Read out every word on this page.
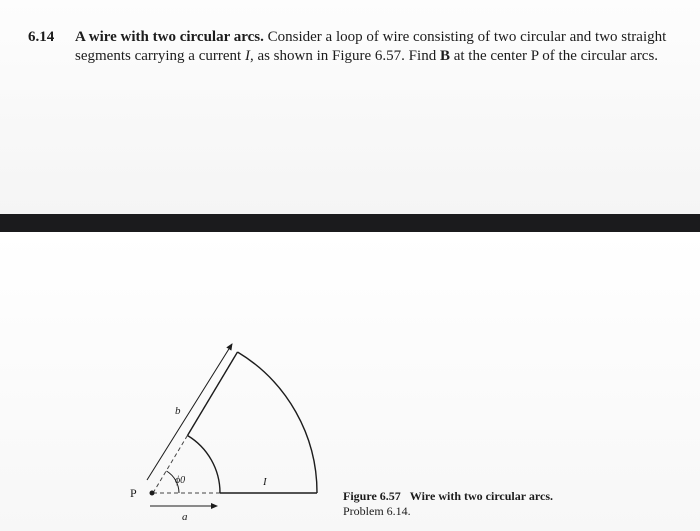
6.14 A wire with two circular arcs. Consider a loop of wire consisting of two circular and two straight segments carrying a current I, as shown in Figure 6.57. Find B at the center P of the circular arcs.
P
b
ϕ0	I
a
Figure 6.57 Wire with two circular arcs.
Problem 6.14.
